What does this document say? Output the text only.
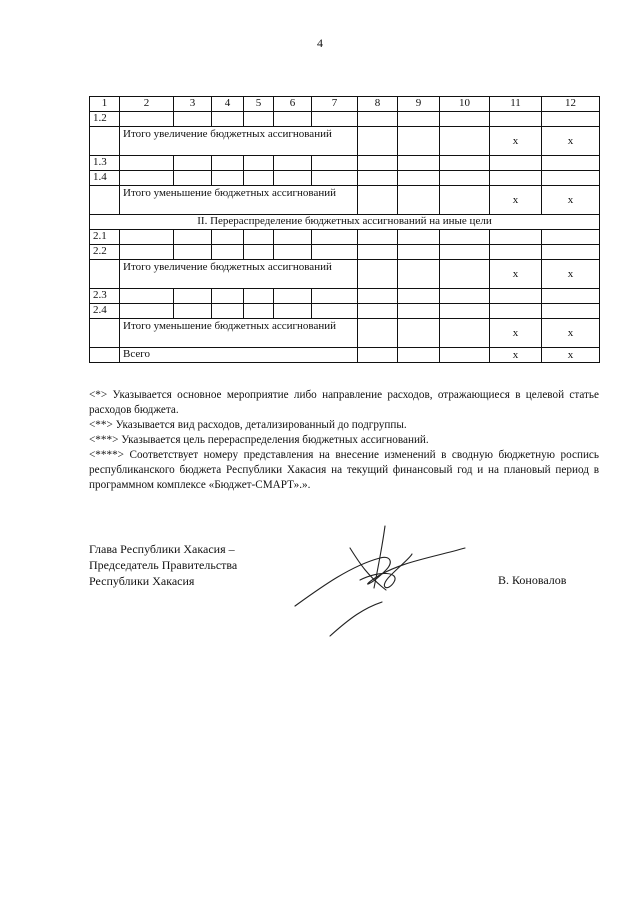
4
1	2	3	4	5	6	7	8	9	10	11	12
1.2											
	Итого увеличение бюджетных ассигнований									x	x
1.3											
1.4											
	Итого уменьшение бюджетных ассигнований									x	x
II. Перераспределение бюджетных ассигнований на иные цели											
2.1											
2.2											
	Итого увеличение бюджетных ассигнований									x	x
2.3											
2.4											
	Итого уменьшение бюджетных ассигнований									x	x
	Всего									x	x

<*> Указывается основное мероприятие либо направление расходов, отражающиеся в целевой статье расходов бюджета.

<**> Указывается вид расходов, детализированный до подгруппы.

<***> Указывается цель перераспределения бюджетных ассигнований.

<****> Соответствует номеру представления на внесение изменений в сводную бюджетную роспись республиканского бюджета Республики Хакасия на текущий финансовый год и на плановый период в программном комплексе «Бюджет-СМАРТ».».

Глава Республики Хакасия –
Председатель Правительства
Республики Хакасия	В. Коновалов
